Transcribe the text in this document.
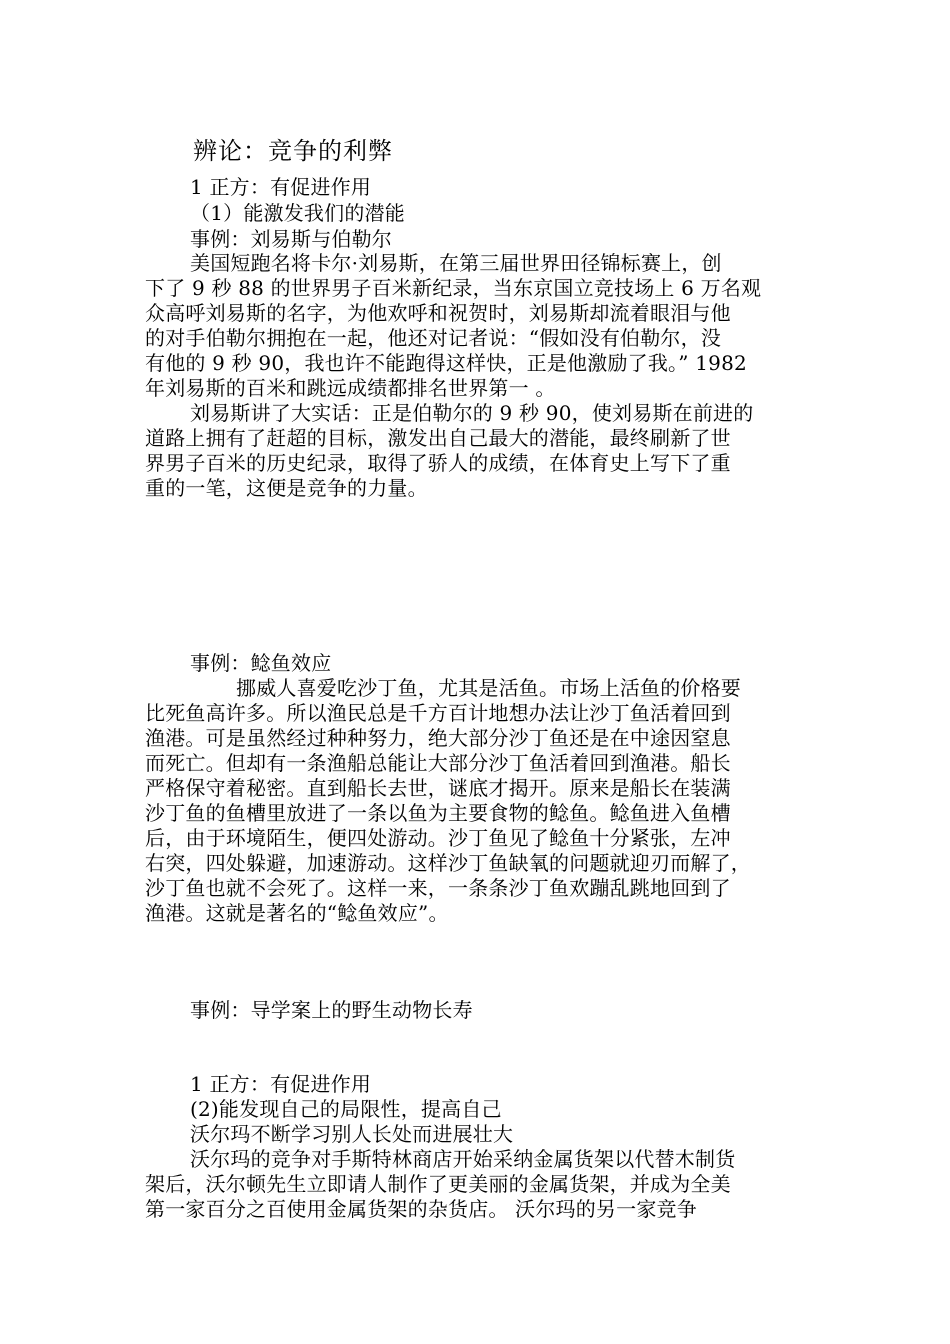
辨论：竞争的利弊
1 正方：有促进作用
（1）能激发我们的潜能
事例：刘易斯与伯勒尔
美国短跑名将卡尔·刘易斯，在第三届世界田径锦标赛上，创
下了 9 秒 88 的世界男子百米新纪录，当东京国立竞技场上 6 万名观
众高呼刘易斯的名字，为他欢呼和祝贺时，刘易斯却流着眼泪与他
的对手伯勒尔拥抱在一起，他还对记者说：“假如没有伯勒尔，没
有他的 9 秒 90，我也许不能跑得这样快，正是他激励了我。” 1982
年刘易斯的百米和跳远成绩都排名世界第一 。
刘易斯讲了大实话：正是伯勒尔的 9 秒 90，使刘易斯在前进的
道路上拥有了赶超的目标，激发出自己最大的潜能，最终刷新了世
界男子百米的历史纪录，取得了骄人的成绩，在体育史上写下了重
重的一笔，这便是竞争的力量。
事例：鲶鱼效应
挪威人喜爱吃沙丁鱼，尤其是活鱼。市场上活鱼的价格要
比死鱼高许多。所以渔民总是千方百计地想办法让沙丁鱼活着回到
渔港。可是虽然经过种种努力，绝大部分沙丁鱼还是在中途因窒息
而死亡。但却有一条渔船总能让大部分沙丁鱼活着回到渔港。船长
严格保守着秘密。直到船长去世，谜底才揭开。原来是船长在装满
沙丁鱼的鱼槽里放进了一条以鱼为主要食物的鲶鱼。鲶鱼进入鱼槽
后，由于环境陌生，便四处游动。沙丁鱼见了鲶鱼十分紧张，左冲
右突，四处躲避，加速游动。这样沙丁鱼缺氧的问题就迎刃而解了，
沙丁鱼也就不会死了。这样一来，一条条沙丁鱼欢蹦乱跳地回到了
渔港。这就是著名的“鲶鱼效应”。
事例：导学案上的野生动物长寿
1 正方：有促进作用
(2)能发现自己的局限性，提高自己
沃尔玛不断学习别人长处而进展壮大
沃尔玛的竞争对手斯特林商店开始采纳金属货架以代替木制货
架后，沃尔顿先生立即请人制作了更美丽的金属货架，并成为全美
第一家百分之百使用金属货架的杂货店。 沃尔玛的另一家竞争
